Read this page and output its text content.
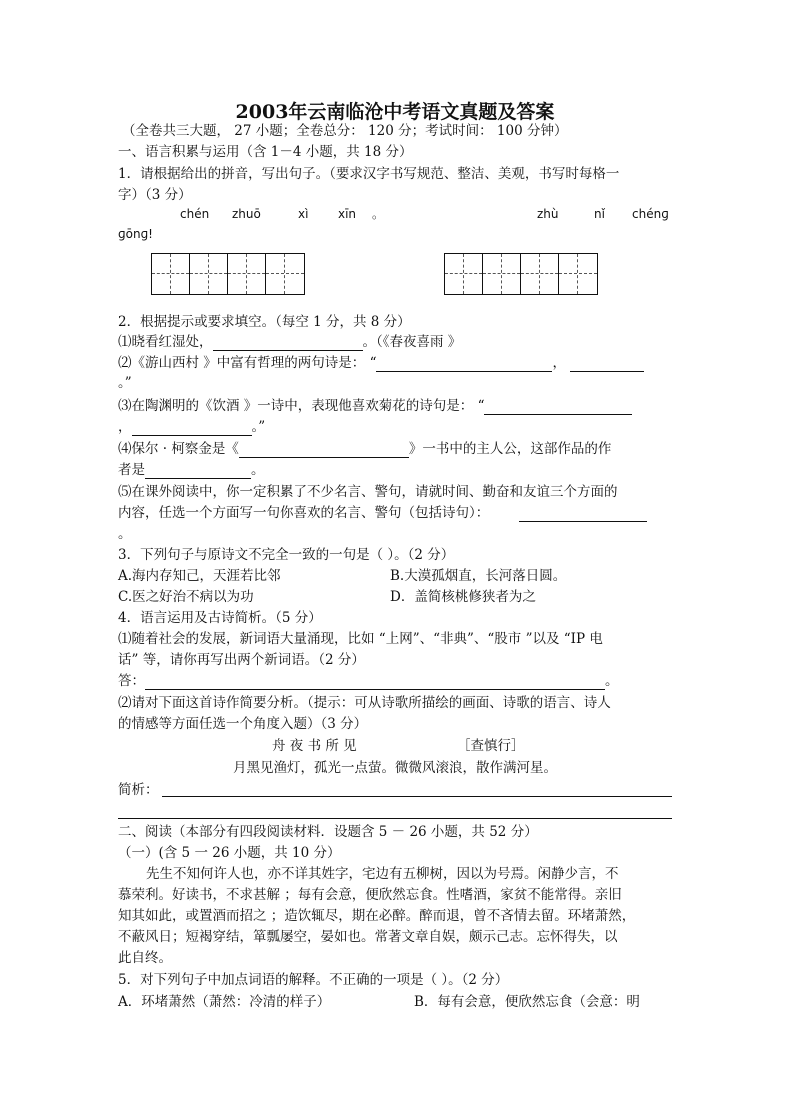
2003年云南临沧中考语文真题及答案
（全卷共三大题， 27 小题；全卷总分： 120 分；考试时间： 100 分钟）
一、语言积累与运用（含 1－4 小题，共 18 分）
1．请根据给出的拼音，写出句子。（要求汉字书写规范、整洁、美观，书写时每格一
字）（3 分）
chén zhuō	xì xīn 。	zhù	nǐ chénɡ
ɡōnɡ!
2．根据提示或要求填空。（每空 1 分，共 8 分）
⑴晓看红湿处，	。（《春夜喜雨 》
⑵《游山西村 》中富有哲理的两句诗是： “	，
。”
⑶在陶渊明的《饮酒 》一诗中，表现他喜欢菊花的诗句是： “
，	。”
⑷保尔 · 柯察金是《	》一书中的主人公，这部作品的作
者是	。
⑸在课外阅读中，你一定积累了不少名言、警句，请就时间、勤奋和友谊三个方面的
内容，任选一个方面写一句你喜欢的名言、警句（包括诗句）：
。
3．下列句子与原诗文不完全一致的一句是（ ）。（2 分）
A.海内存知己，天涯若比邻	B.大漠孤烟直，长河落日圆。
C.医之好治不病以为功	D．盖简核桃修狭者为之
4．语言运用及古诗简析。（5 分）
⑴随着社会的发展，新词语大量涌现，比如 “上网”、“非典”、“股市 ”以及 “IP 电
话” 等，请你再写出两个新词语。（2 分）
答：	。
⑵请对下面这首诗作简要分析。（提示：可从诗歌所描绘的画面、诗歌的语言、诗人
的情感等方面任选一个角度入题）（3 分）
舟 夜 书 所 见	［查慎行］
月黑见渔灯，孤光一点萤。微微风滚浪，散作满河星。
简析：
二、阅读（本部分有四段阅读材料．设题含 5 － 26 小题，共 52 分）
（一）(含 5 一 26 小题，共 10 分）
先生不知何许人也，亦不详其姓字，宅边有五柳树，因以为号焉。闲静少言，不
慕荣利。好读书，不求甚解 ；每有会意，便欣然忘食。性嗜酒，家贫不能常得。亲旧
知其如此，或置酒而招之 ；造饮辄尽，期在必醉。醉而退，曾不吝情去留。环堵萧然，
不蔽风日；短褐穿结，箪瓢屡空，晏如也。常著文章自娱，颇示己志。忘怀得失，以
此自终。
5．对下列句子中加点词语的解释。不正确的一项是（ ）。（2 分）
A．环堵萧然（萧然：冷清的样子）	B．每有会意，便欣然忘食（会意：明
